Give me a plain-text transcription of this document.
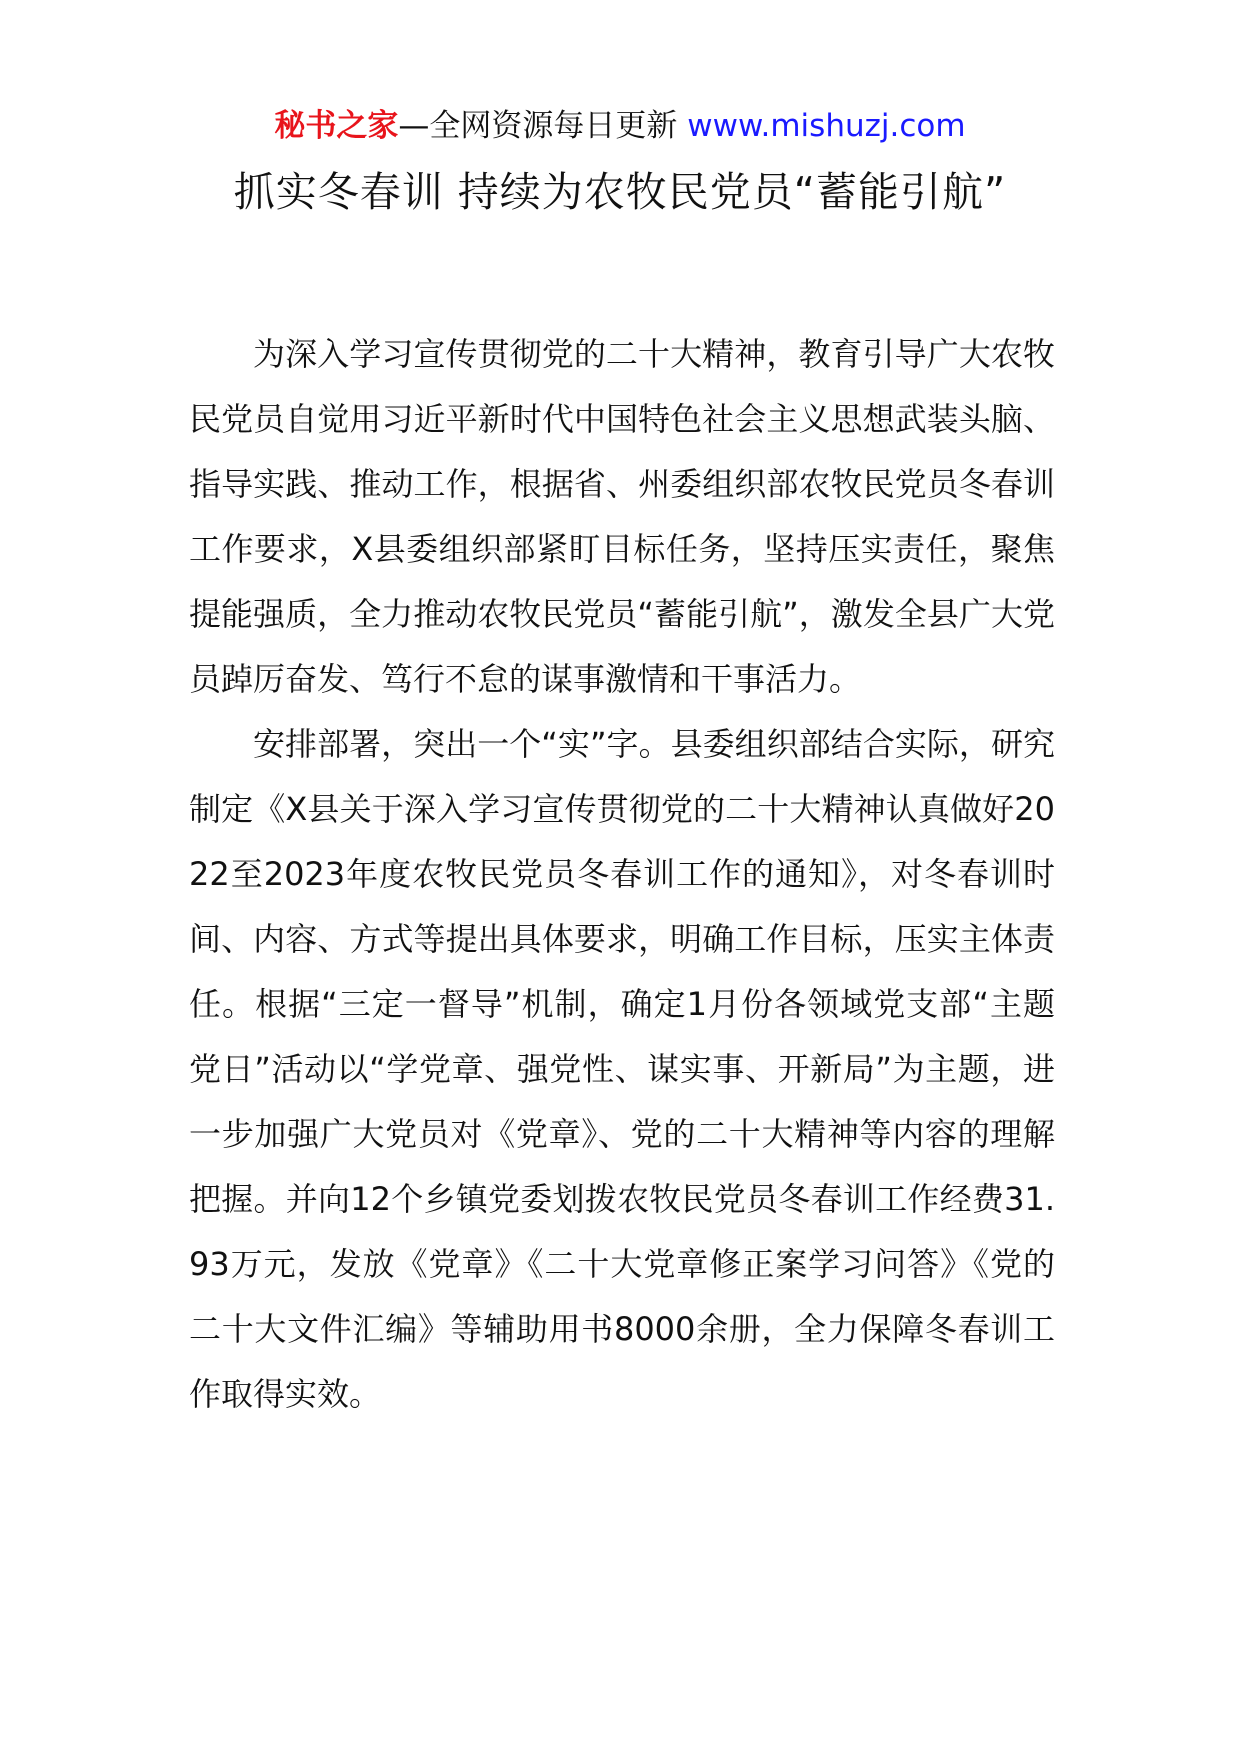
秘书之家—全网资源每日更新 www.mishuzj.com
抓实冬春训 持续为农牧民党员“蓄能引航”

为深入学习宣传贯彻党的二十大精神，教育引导广大农牧民党员自觉用习近平新时代中国特色社会主义思想武装头脑、指导实践、推动工作，根据省、州委组织部农牧民党员冬春训工作要求，X县委组织部紧盯目标任务，坚持压实责任，聚焦提能强质，全力推动农牧民党员“蓄能引航”，激发全县广大党员踔厉奋发、笃行不怠的谋事激情和干事活力。

安排部署，突出一个“实”字。县委组织部结合实际，研究制定《X县关于深入学习宣传贯彻党的二十大精神认真做好2022至2023年度农牧民党员冬春训工作的通知》，对冬春训时间、内容、方式等提出具体要求，明确工作目标，压实主体责任。根据“三定一督导”机制，确定1月份各领域党支部“主题党日”活动以“学党章、强党性、谋实事、开新局”为主题，进一步加强广大党员对《党章》、党的二十大精神等内容的理解把握。并向12个乡镇党委划拨农牧民党员冬春训工作经费31.93万元，发放《党章》《二十大党章修正案学习问答》《党的二十大文件汇编》等辅助用书8000余册，全力保障冬春训工作取得实效。
